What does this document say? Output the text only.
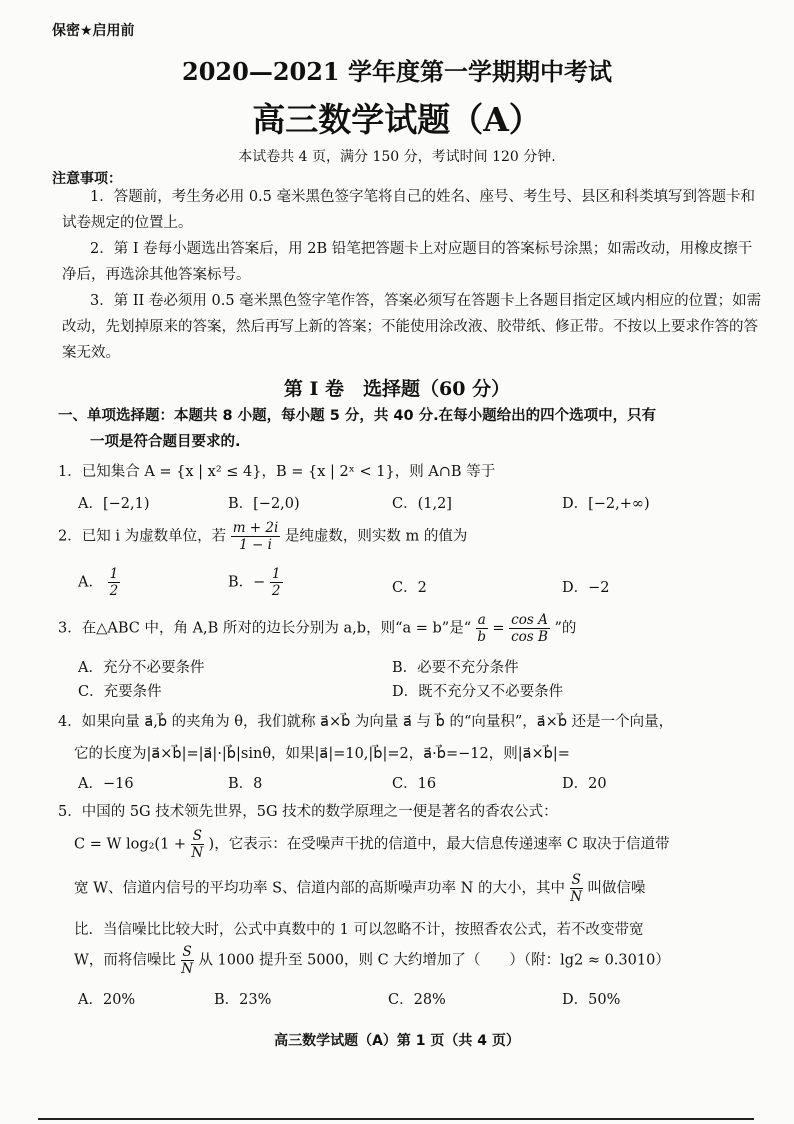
保密★启用前
2020—2021 学年度第一学期期中考试
高三数学试题（A）
本试卷共 4 页，满分 150 分，考试时间 120 分钟.
注意事项：
1．答题前，考生务必用 0.5 毫米黑色签字笔将自己的姓名、座号、考生号、县区和科类填写到答题卡和试卷规定的位置上。
2．第 I 卷每小题选出答案后，用 2B 铅笔把答题卡上对应题目的答案标号涂黑；如需改动，用橡皮擦干净后，再选涂其他答案标号。
3．第 II 卷必须用 0.5 毫米黑色签字笔作答，答案必须写在答题卡上各题目指定区域内相应的位置；如需改动，先划掉原来的答案，然后再写上新的答案；不能使用涂改液、胶带纸、修正带。不按以上要求作答的答案无效。
第 I 卷　选择题（60 分）
一、单项选择题：本题共 8 小题，每小题 5 分，共 40 分.在每小题给出的四个选项中，只有
一项是符合题目要求的.
1．已知集合 A = {x | x² ≤ 4}，B = {x | 2ˣ < 1}，则 A∩B 等于
A．[−2,1)	B．[−2,0)	C．(1,2]	D．[−2,+∞)
2．已知 i 为虚数单位，若 $\frac{m + 2i}{1 - i}$ 是纯虚数，则实数 m 的值为
A． $\frac{1}{2}$	B．− $\frac{1}{2}$	C．2	D．−2
3．在△ABC 中，角 A,B 所对的边长分别为 a,b，则“a = b”是“ $\frac{a}{b} = \frac{\text{cos A}}{\text{cos B}}$ ”的
A．充分不必要条件	B．必要不充分条件
C．充要条件	D．既不充分又不必要条件
4．如果向量 a⃗,b⃗ 的夹角为 θ，我们就称 a⃗×b⃗ 为向量 a⃗ 与 b⃗ 的“向量积”，a⃗×b⃗ 还是一个向量，
它的长度为|a⃗×b⃗|=|a⃗|·|b⃗|sinθ，如果|a⃗|=10,|b⃗|=2，a⃗·b⃗=−12，则|a⃗×b⃗|=
A．−16	B．8	C．16	D．20
5．中国的 5G 技术领先世界，5G 技术的数学原理之一便是著名的香农公式：
C = W $\log_2(1 + \frac{S}{N}$ )，它表示：在受噪声干扰的信道中，最大信息传递速率 C 取决于信道带
宽 W、信道内信号的平均功率 S、信道内部的高斯噪声功率 N 的大小，其中 $\frac{S}{N}$ 叫做信噪
比．当信噪比比较大时，公式中真数中的 1 可以忽略不计，按照香农公式，若不改变带宽
W，而将信噪比 $\frac{S}{N}$ 从 1000 提升至 5000，则 C 大约增加了（　　）（附：lg2 ≈ 0.3010）
A．20%	B．23%	C．28%	D．50%
高三数学试题（A）第 1 页（共 4 页）
